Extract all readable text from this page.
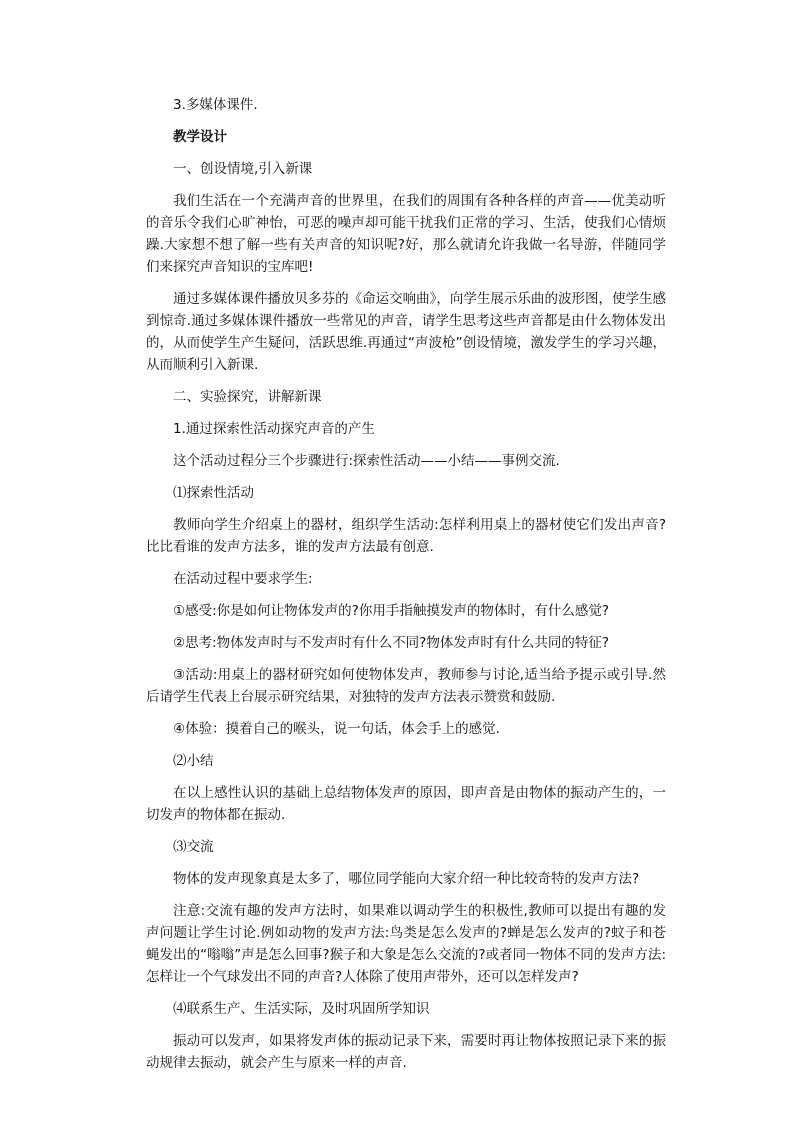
3.多媒体课件.

教学设计

一、创设情境,引入新课

我们生活在一个充满声音的世界里，在我们的周围有各种各样的声音——优美动听的音乐令我们心旷神怡，可恶的噪声却可能干扰我们正常的学习、生活，使我们心情烦躁.大家想不想了解一些有关声音的知识呢?好，那么就请允许我做一名导游，伴随同学们来探究声音知识的宝库吧!

通过多媒体课件播放贝多芬的《命运交响曲》，向学生展示乐曲的波形图，使学生感到惊奇.通过多媒体课件播放一些常见的声音，请学生思考这些声音都是由什么物体发出的，从而使学生产生疑问，活跃思维.再通过“声波枪”创设情境，激发学生的学习兴趣，从而顺利引入新课.

二、实验探究，讲解新课

1.通过探索性活动探究声音的产生

这个活动过程分三个步骤进行:探索性活动——小结——事例交流.

⑴探索性活动

教师向学生介绍桌上的器材，组织学生活动:怎样利用桌上的器材使它们发出声音?比比看谁的发声方法多，谁的发声方法最有创意.

在活动过程中要求学生:

①感受:你是如何让物体发声的?你用手指触摸发声的物体时，有什么感觉?

②思考:物体发声时与不发声时有什么不同?物体发声时有什么共同的特征?

③活动:用桌上的器材研究如何使物体发声，教师参与讨论,适当给予提示或引导.然后请学生代表上台展示研究结果，对独特的发声方法表示赞赏和鼓励.

④体验：摸着自己的喉头，说一句话，体会手上的感觉.

⑵小结

在以上感性认识的基础上总结物体发声的原因，即声音是由物体的振动产生的，一切发声的物体都在振动.

⑶交流

物体的发声现象真是太多了，哪位同学能向大家介绍一种比较奇特的发声方法?

注意:交流有趣的发声方法时，如果难以调动学生的积极性,教师可以提出有趣的发声问题让学生讨论.例如动物的发声方法:鸟类是怎么发声的?蝉是怎么发声的?蚊子和苍蝇发出的“嗡嗡”声是怎么回事?猴子和大象是怎么交流的?或者同一物体不同的发声方法:怎样让一个气球发出不同的声音?人体除了使用声带外，还可以怎样发声?

⑷联系生产、生活实际，及时巩固所学知识

振动可以发声，如果将发声体的振动记录下来，需要时再让物体按照记录下来的振动规律去振动，就会产生与原来一样的声音.
